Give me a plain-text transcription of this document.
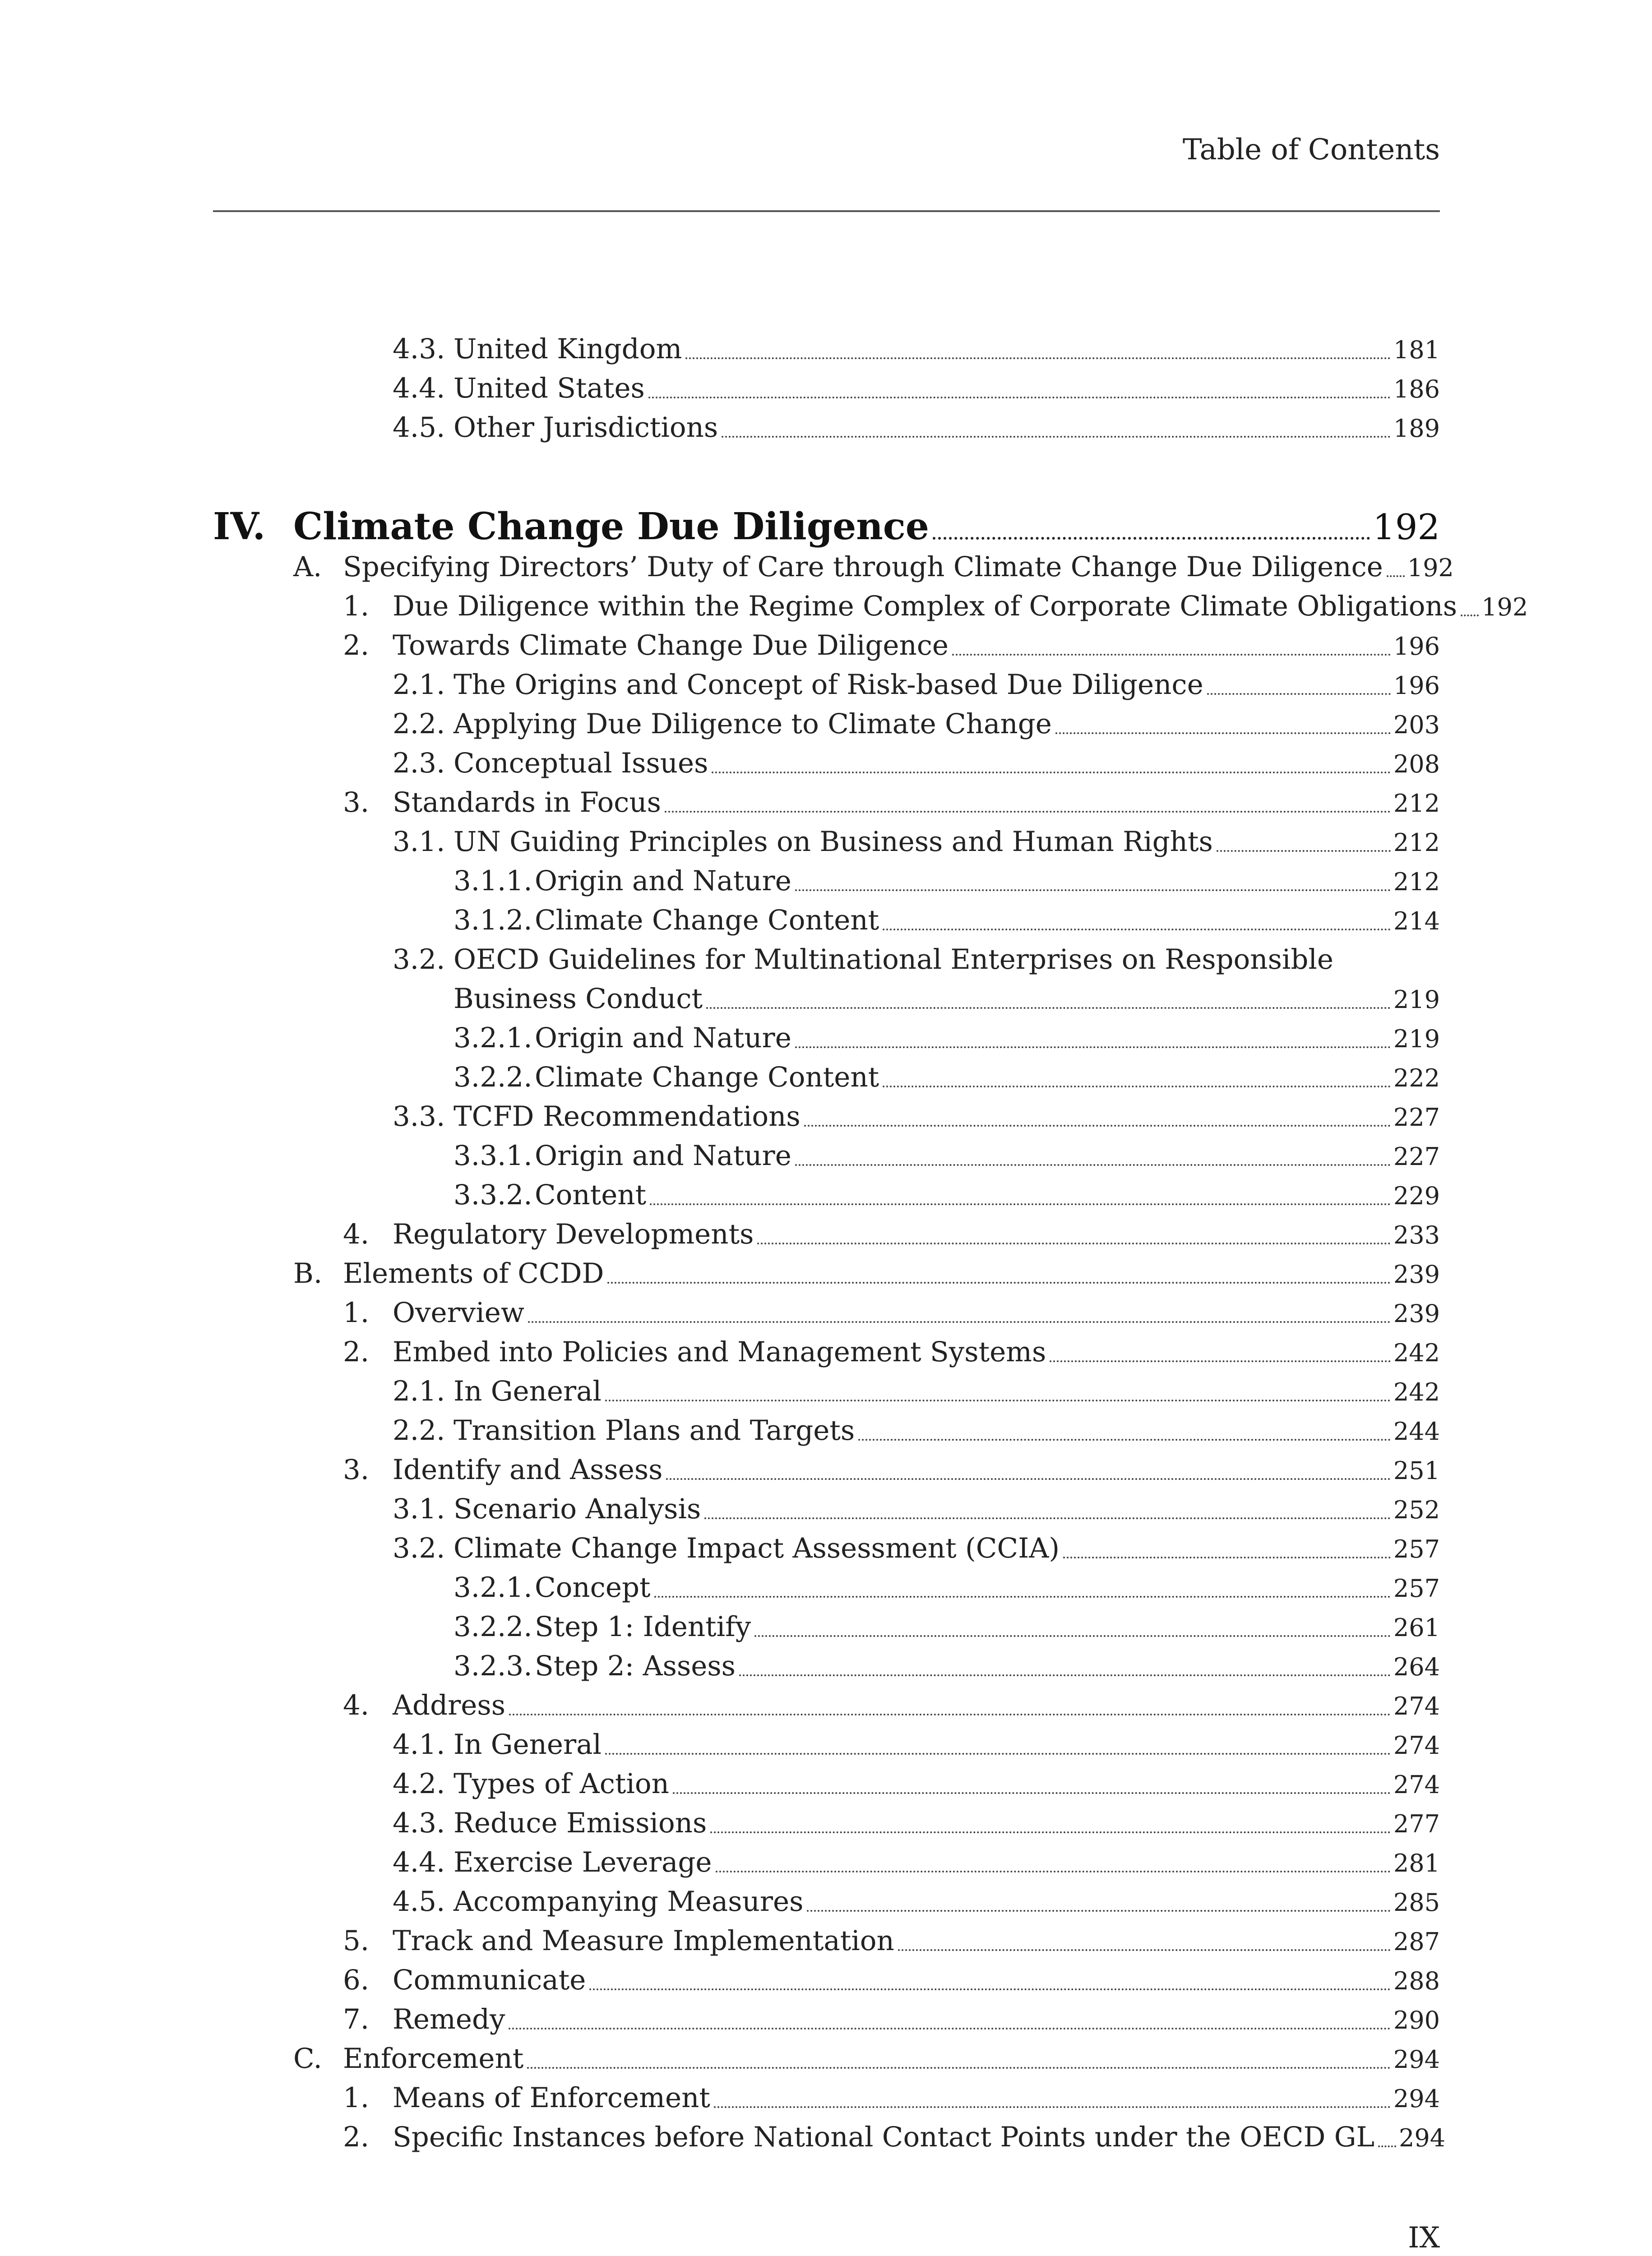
Table of Contents
4.3. United Kingdom	181
4.4. United States	186
4.5. Other Jurisdictions	189
IV. Climate Change Due Diligence	192
A. Specifying Directors’ Duty of Care through Climate Change Due Diligence 192
1. Due Diligence within the Regime Complex of Corporate Climate Obligations 192
2. Towards Climate Change Due Diligence	196
2.1. The Origins and Concept of Risk-based Due Diligence	196
2.2. Applying Due Diligence to Climate Change	203
2.3. Conceptual Issues	208
3. Standards in Focus	212
3.1. UN Guiding Principles on Business and Human Rights	212
3.1.1. Origin and Nature	212
3.1.2. Climate Change Content	214
3.2. OECD Guidelines for Multinational Enterprises on Responsible
Business Conduct	219
3.2.1. Origin and Nature	219
3.2.2. Climate Change Content	222
3.3. TCFD Recommendations	227
3.3.1. Origin and Nature	227
3.3.2. Content	229
4. Regulatory Developments	233
B. Elements of CCDD	239
1. Overview	239
2. Embed into Policies and Management Systems	242
2.1. In General	242
2.2. Transition Plans and Targets	244
3. Identify and Assess	251
3.1. Scenario Analysis	252
3.2. Climate Change Impact Assessment (CCIA)	257
3.2.1. Concept	257
3.2.2. Step 1: Identify	261
3.2.3. Step 2: Assess	264
4. Address	274
4.1. In General	274
4.2. Types of Action	274
4.3. Reduce Emissions	277
4.4. Exercise Leverage	281
4.5. Accompanying Measures	285
5. Track and Measure Implementation	287
6. Communicate	288
7. Remedy	290
C. Enforcement	294
1. Means of Enforcement	294
2. Specific Instances before National Contact Points under the OECD GL 294
IX
